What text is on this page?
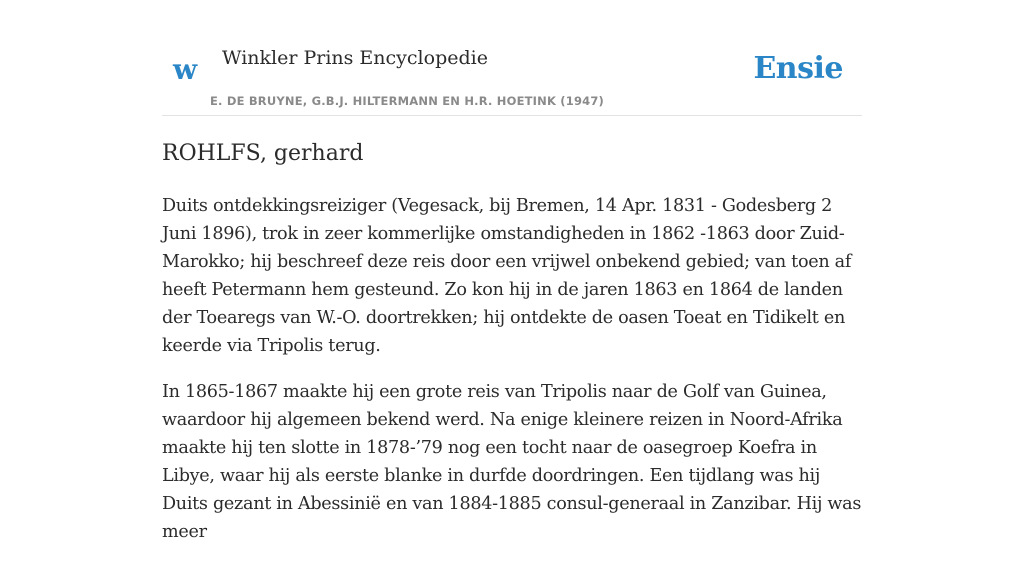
w Winkler Prins Encyclopedie
E. DE BRUYNE, G.B.J. HILTERMANN EN H.R. HOETINK (1947)
Ensie
ROHLFS, gerhard

Duits ontdekkingsreiziger (Vegesack, bij Bremen, 14 Apr. 1831 - Godesberg 2 Juni 1896), trok in zeer kommerlijke omstandigheden in 1862 -1863 door Zuid-Marokko; hij beschreef deze reis door een vrijwel onbekend gebied; van toen af heeft Petermann hem gesteund. Zo kon hij in de jaren 1863 en 1864 de landen der Toearegs van W.-O. doortrekken; hij ontdekte de oasen Toeat en Tidikelt en keerde via Tripolis terug.

In 1865-1867 maakte hij een grote reis van Tripolis naar de Golf van Guinea, waardoor hij algemeen bekend werd. Na enige kleinere reizen in Noord-Afrika maakte hij ten slotte in 1878-’79 nog een tocht naar de oasegroep Koefra in Libye, waar hij als eerste blanke in durfde doordringen. Een tijdlang was hij Duits gezant in Abessinië en van 1884-1885 consul-generaal in Zanzibar. Hij was meer
